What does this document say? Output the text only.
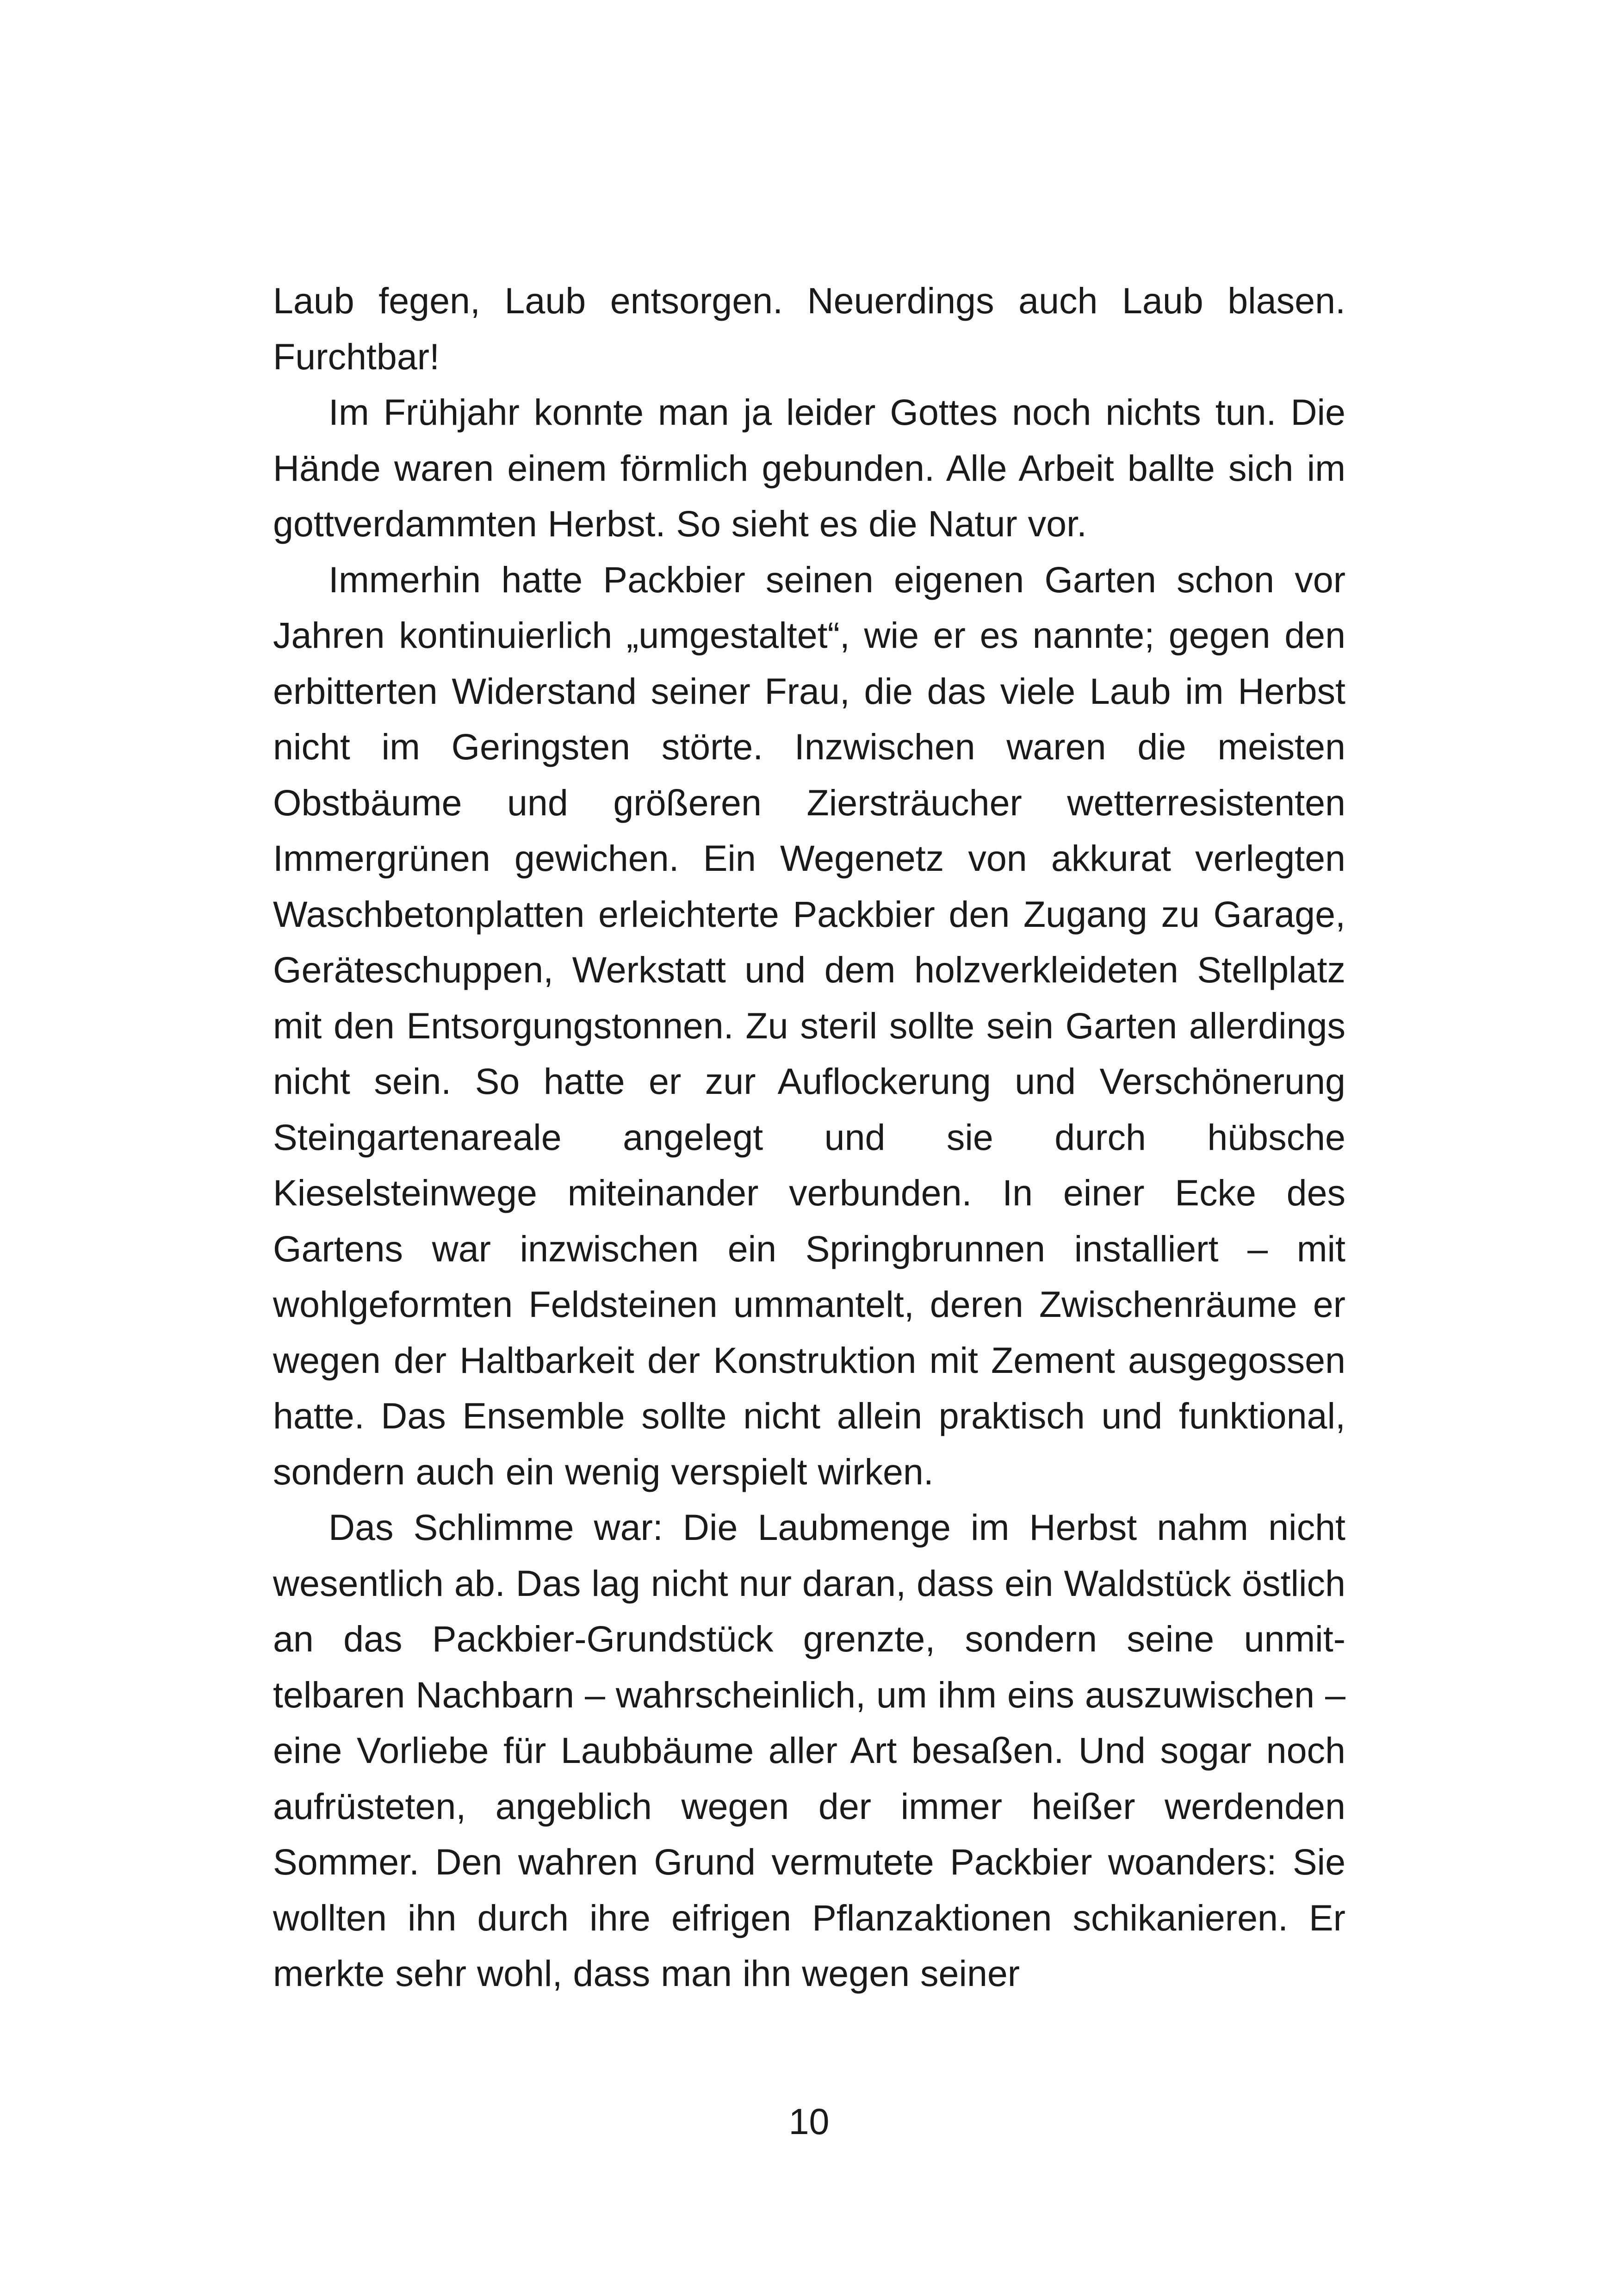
Laub fegen, Laub entsorgen. Neuerdings auch Laub blasen. Furchtbar!

Im Frühjahr konnte man ja leider Gottes noch nichts tun. Die Hände waren einem förmlich gebunden. Alle Arbeit ballte sich im gottverdammten Herbst. So sieht es die Natur vor.

Immerhin hatte Packbier seinen eigenen Garten schon vor Jahren kontinuierlich „umgestaltet“, wie er es nannte; gegen den erbitterten Widerstand seiner Frau, die das viele Laub im Herbst nicht im Geringsten störte. Inzwischen waren die meisten Obstbäume und größeren Ziersträucher wetterresistenten Immergrünen gewichen. Ein Wegenetz von akkurat verlegten Waschbetonplatten erleichterte Packbier den Zugang zu Garage, Geräteschuppen, Werkstatt und dem holzverkleideten Stellplatz mit den Entsorgungstonnen. Zu steril sollte sein Garten allerdings nicht sein. So hatte er zur Auflockerung und Verschönerung Steingartenareale angelegt und sie durch hübsche Kieselsteinwege miteinander verbunden. In einer Ecke des Gartens war inzwischen ein Springbrunnen installiert – mit wohlgeformten Feldsteinen ummantelt, deren Zwischenräume er wegen der Haltbarkeit der Konstruktion mit Zement ausgegossen hatte. Das Ensemble sollte nicht allein praktisch und funktional, sondern auch ein wenig verspielt wirken.

Das Schlimme war: Die Laubmenge im Herbst nahm nicht wesentlich ab. Das lag nicht nur daran, dass ein Waldstück östlich an das Packbier-Grundstück grenzte, sondern seine unmittelbaren Nachbarn – wahrscheinlich, um ihm eins auszuwischen – eine Vorliebe für Laubbäume aller Art besaßen. Und sogar noch aufrüsteten, angeblich wegen der immer heißer werdenden Sommer. Den wahren Grund vermutete Packbier woanders: Sie wollten ihn durch ihre eifrigen Pflanzaktionen schikanieren. Er merkte sehr wohl, dass man ihn wegen seiner

10
